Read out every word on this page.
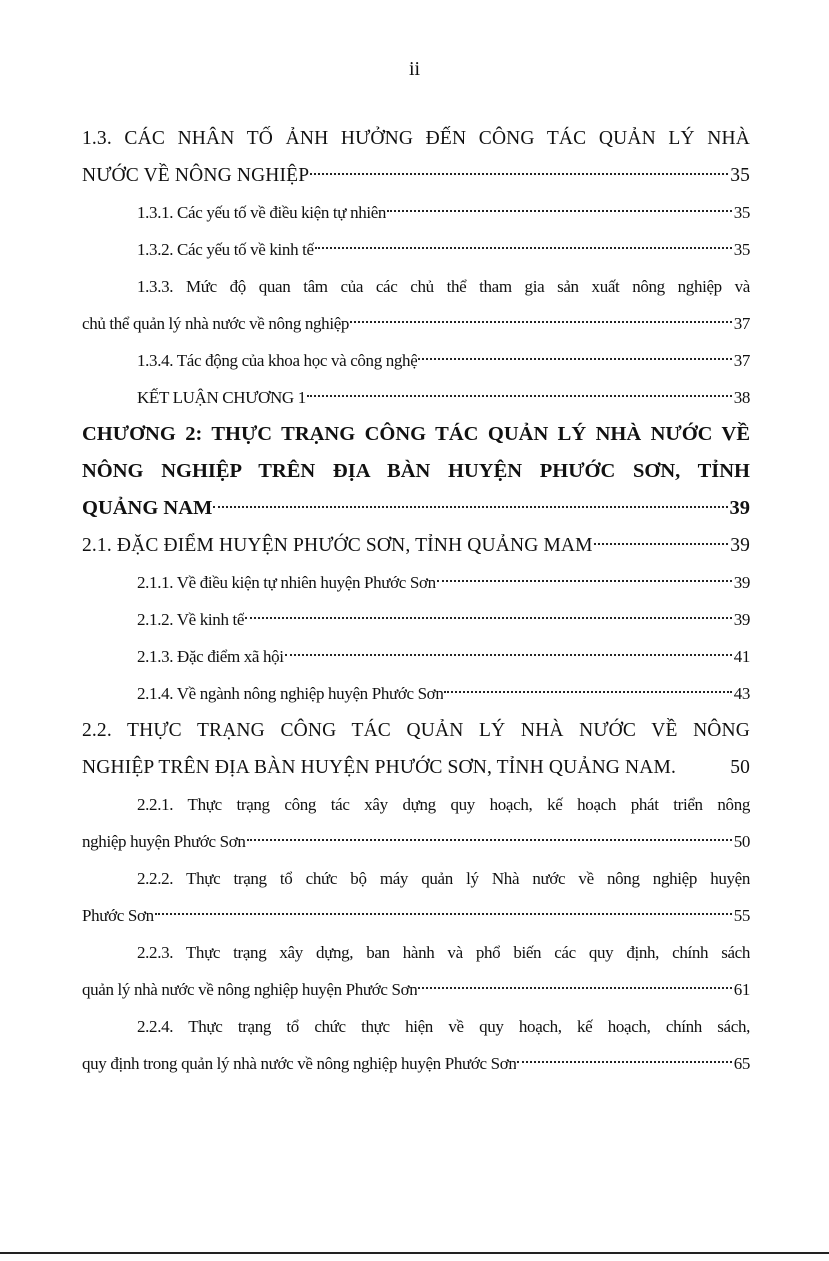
ii
1.3. CÁC NHÂN TỐ ẢNH HƯỞNG ĐẾN CÔNG TÁC QUẢN LÝ NHÀ
NƯỚC VỀ NÔNG NGHIỆP	35
1.3.1. Các yếu tố về điều kiện tự nhiên	35
1.3.2. Các yếu tố về kinh tế	35
1.3.3. Mức độ quan tâm của các chủ thể tham gia sản xuất nông nghiệp và
chủ thể quản lý nhà nước về nông nghiệp	37
1.3.4. Tác động của khoa học và công nghệ	37
KẾT LUẬN CHƯƠNG 1	38
CHƯƠNG 2: THỰC TRẠNG CÔNG TÁC QUẢN LÝ NHÀ NƯỚC VỀ
NÔNG NGHIỆP TRÊN ĐỊA BÀN HUYỆN PHƯỚC SƠN, TỈNH
QUẢNG NAM	39
2.1. ĐẶC ĐIỂM HUYỆN PHƯỚC SƠN, TỈNH QUẢNG MAM	39
2.1.1. Về điều kiện tự nhiên huyện Phước Sơn	39
2.1.2. Về kinh tế	39
2.1.3. Đặc điểm xã hội	41
2.1.4. Về ngành nông nghiệp huyện Phước Sơn	43
2.2. THỰC TRẠNG CÔNG TÁC QUẢN LÝ NHÀ NƯỚC VỀ NÔNG
NGHIỆP TRÊN ĐỊA BÀN HUYỆN PHƯỚC SƠN, TỈNH QUẢNG NAM.	50
2.2.1. Thực trạng công tác xây dựng quy hoạch, kế hoạch phát triển nông
nghiệp huyện Phước Sơn	50
2.2.2. Thực trạng tổ chức bộ máy quản lý Nhà nước về nông nghiệp huyện
Phước Sơn	55
2.2.3. Thực trạng xây dựng, ban hành và phổ biến các quy định, chính sách
quản lý nhà nước về nông nghiệp huyện Phước Sơn	61
2.2.4. Thực trạng tổ chức thực hiện về quy hoạch, kế hoạch, chính sách,
quy định trong quản lý nhà nước về nông nghiệp huyện Phước Sơn	65
